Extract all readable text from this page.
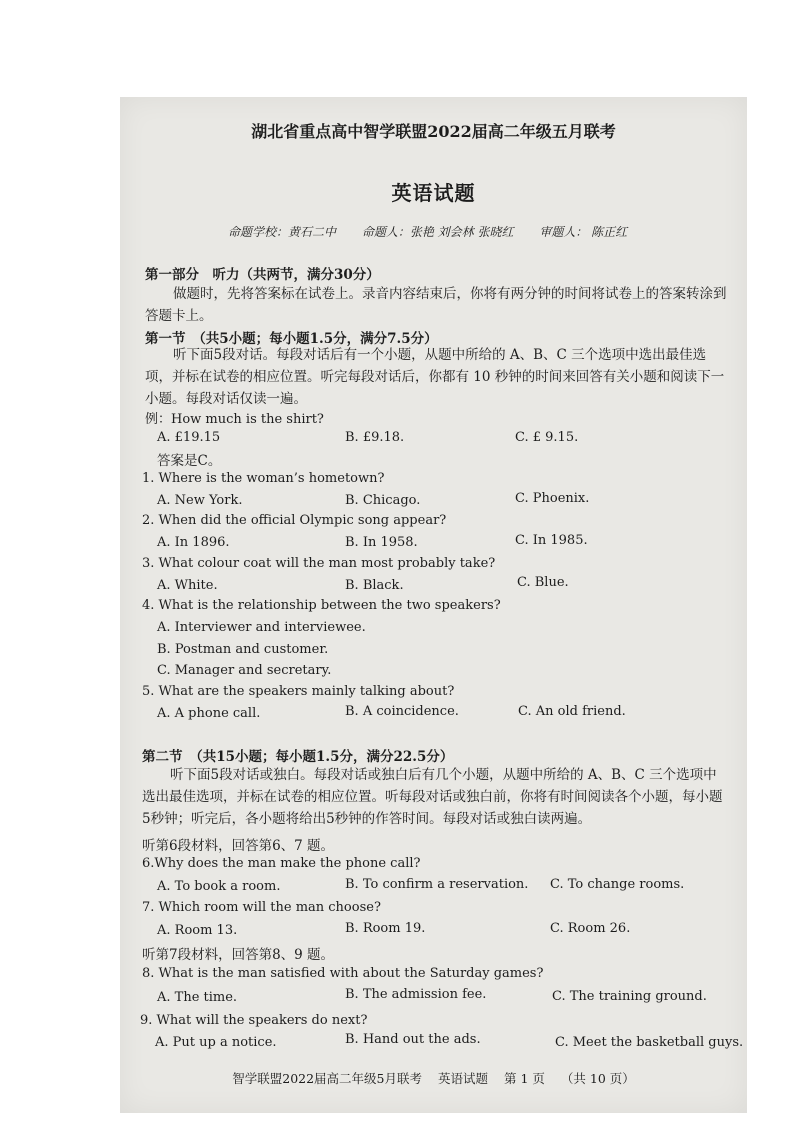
湖北省重点高中智学联盟2022届高二年级五月联考
英语试题
命题学校：黄石二中 命题人：张艳 刘会林 张晓红 审题人： 陈正红
第一部分　听力（共两节，满分30分）
做题时，先将答案标在试卷上。录音内容结束后，你将有两分钟的时间将试卷上的答案转涂到答题卡上。
第一节　（共5小题；每小题1.5分，满分7.5分）
听下面5段对话。每段对话后有一个小题，从题中所给的 A、B、C 三个选项中选出最佳选项，并标在试卷的相应位置。听完每段对话后，你都有 10 秒钟的时间来回答有关小题和阅读下一小题。每段对话仅读一遍。
例：How much is the shirt?
A. £19.15	B. £9.18.	C. £ 9.15.
答案是C。
1. Where is the woman’s hometown?
A. New York.	B. Chicago.	C. Phoenix.
2. When did the official Olympic song appear?
A. In 1896.	B. In 1958.	C. In 1985.
3. What colour coat will the man most probably take?
A. White.	B. Black.	C. Blue.
4. What is the relationship between the two speakers?
A. Interviewer and interviewee.
B. Postman and customer.
C. Manager and secretary.
5. What are the speakers mainly talking about?
A. A phone call.	B. A coincidence.	C. An old friend.
第二节　（共15小题；每小题1.5分，满分22.5分）
听下面5段对话或独白。每段对话或独白后有几个小题，从题中所给的 A、B、C 三个选项中选出最佳选项，并标在试卷的相应位置。听每段对话或独白前，你将有时间阅读各个小题，每小题5秒钟；听完后，各小题将给出5秒钟的作答时间。每段对话或独白读两遍。
听第6段材料，回答第6、7 题。
6.Why does the man make the phone call?
A. To book a room.	B. To confirm a reservation. C. To change rooms.
7. Which room will the man choose?
A. Room 13.	B. Room 19.	C. Room 26.
听第7段材料，回答第8、9 题。
8. What is the man satisfied with about the Saturday games?
A. The time.	B. The admission fee.	C. The training ground.
9. What will the speakers do next?
A. Put up a notice.	B. Hand out the ads.	C. Meet the basketball guys.
智学联盟2022届高二年级5月联考 英语试题 第 1 页 （共 10 页）
